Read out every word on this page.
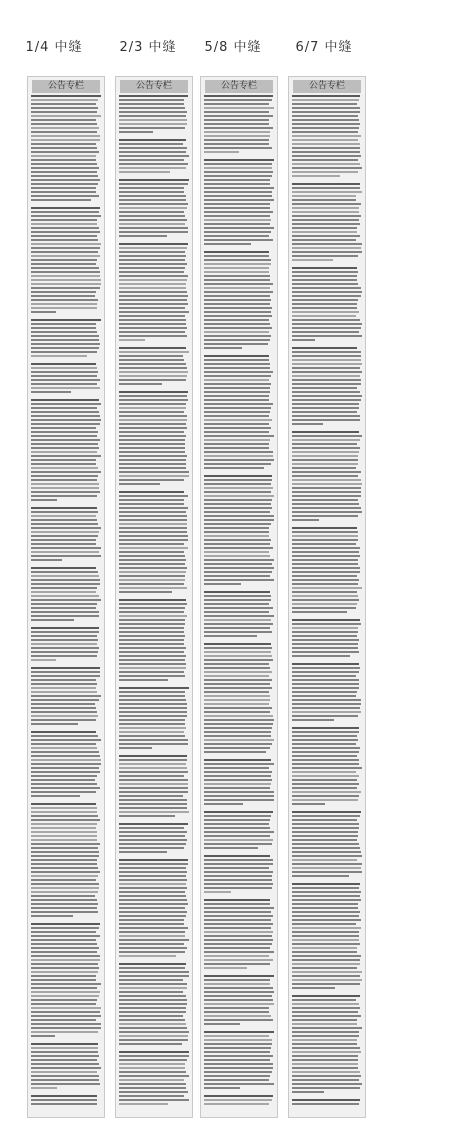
1/4 中缝	2/3 中缝	5/8 中缝	6/7 中缝
公告专栏	公告专栏	公告专栏	公告专栏
